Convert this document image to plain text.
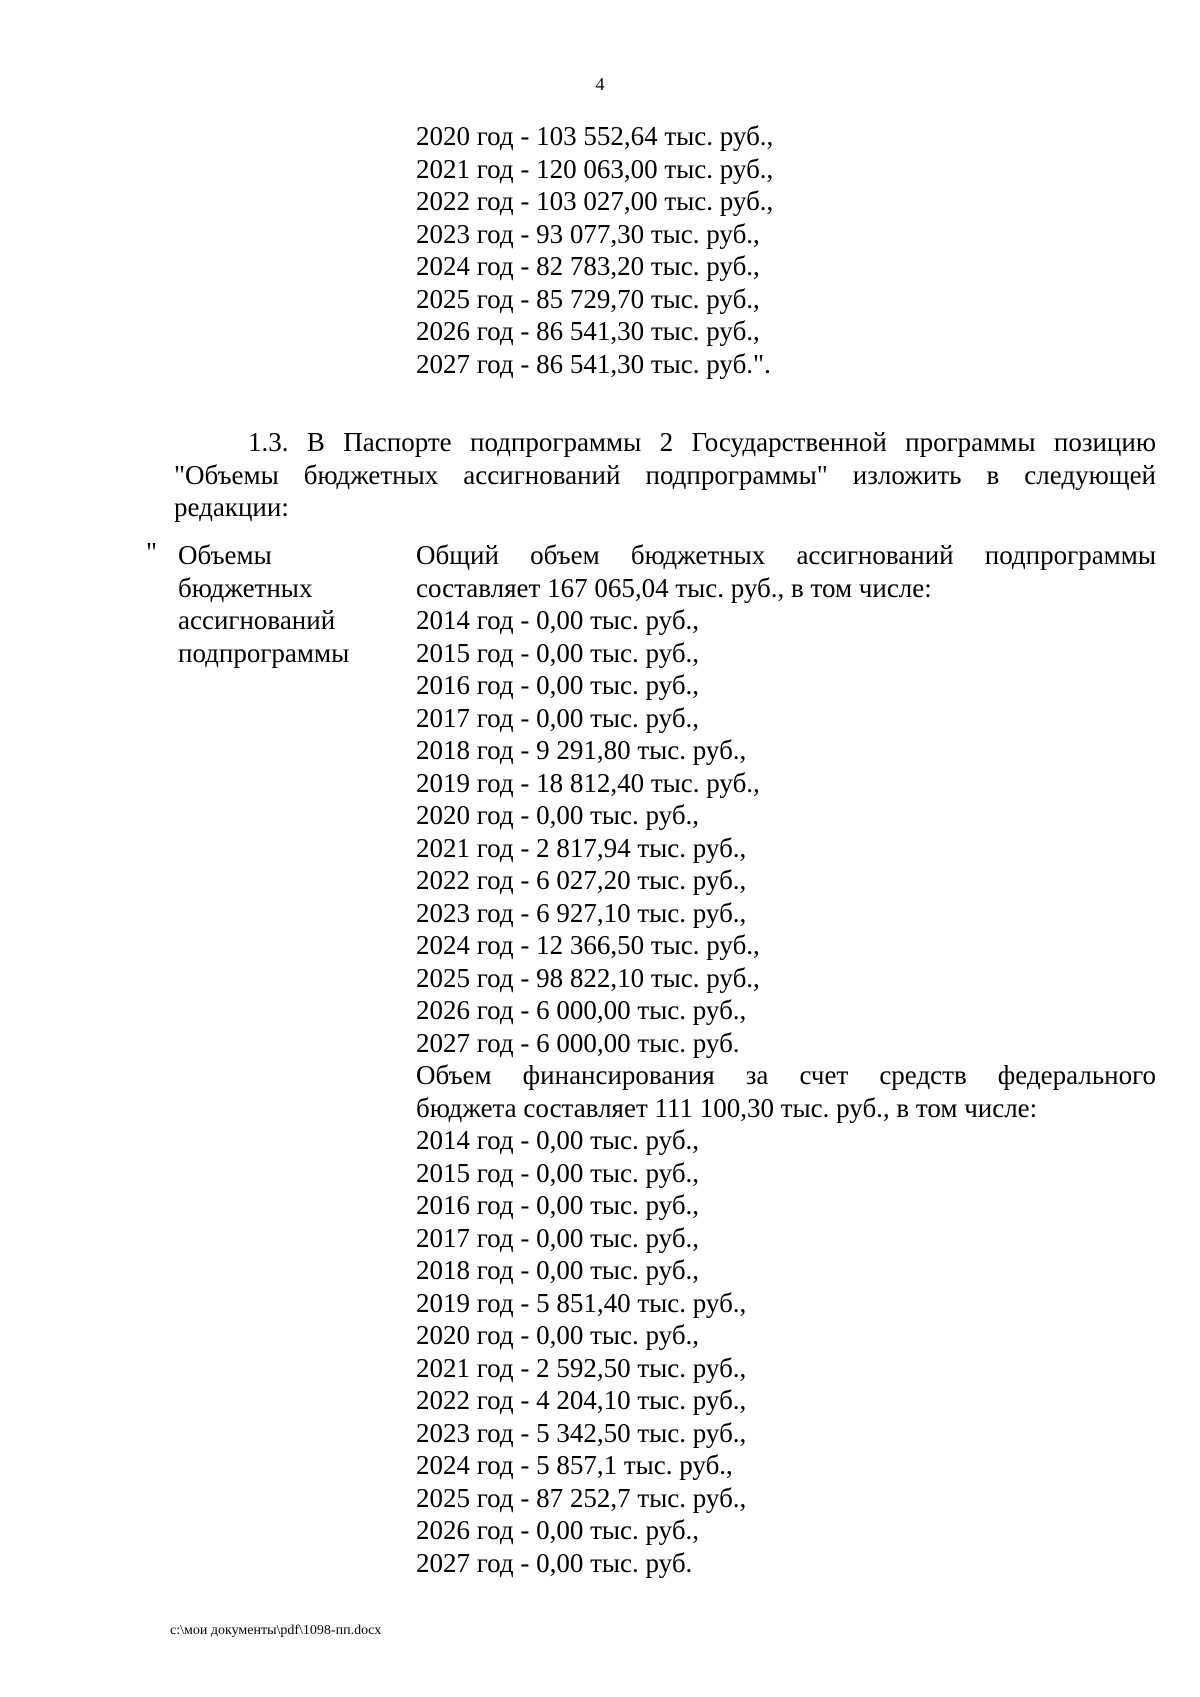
4

2020 год - 103 552,64 тыс. руб.,

2021 год - 120 063,00 тыс. руб.,

2022 год - 103 027,00 тыс. руб.,

2023 год - 93 077,30 тыс. руб.,

2024 год - 82 783,20 тыс. руб.,

2025 год - 85 729,70 тыс. руб.,

2026 год - 86 541,30 тыс. руб.,

2027 год - 86 541,30 тыс. руб.".

1.3. В Паспорте подпрограммы 2 Государственной программы позицию

"Объемы бюджетных ассигнований подпрограммы" изложить в следующей

редакции:

" Объемы

бюджетных

ассигнований

подпрограммы

Общий объем бюджетных ассигнований подпрограммы

составляет 167 065,04 тыс. руб., в том числе:

2014 год - 0,00 тыс. руб.,

2015 год - 0,00 тыс. руб.,

2016 год - 0,00 тыс. руб.,

2017 год - 0,00 тыс. руб.,

2018 год - 9 291,80 тыс. руб.,

2019 год - 18 812,40 тыс. руб.,

2020 год - 0,00 тыс. руб.,

2021 год - 2 817,94 тыс. руб.,

2022 год - 6 027,20 тыс. руб.,

2023 год - 6 927,10 тыс. руб.,

2024 год - 12 366,50 тыс. руб.,

2025 год - 98 822,10 тыс. руб.,

2026 год - 6 000,00 тыс. руб.,

2027 год - 6 000,00 тыс. руб.

Объем финансирования за счет средств федерального

бюджета составляет 111 100,30 тыс. руб., в том числе:

2014 год - 0,00 тыс. руб.,

2015 год - 0,00 тыс. руб.,

2016 год - 0,00 тыс. руб.,

2017 год - 0,00 тыс. руб.,

2018 год - 0,00 тыс. руб.,

2019 год - 5 851,40 тыс. руб.,

2020 год - 0,00 тыс. руб.,

2021 год - 2 592,50 тыс. руб.,

2022 год - 4 204,10 тыс. руб.,

2023 год - 5 342,50 тыс. руб.,

2024 год - 5 857,1 тыс. руб.,

2025 год - 87 252,7 тыс. руб.,

2026 год - 0,00 тыс. руб.,

2027 год - 0,00 тыс. руб.

c:\мои документы\pdf\1098-пп.docx
